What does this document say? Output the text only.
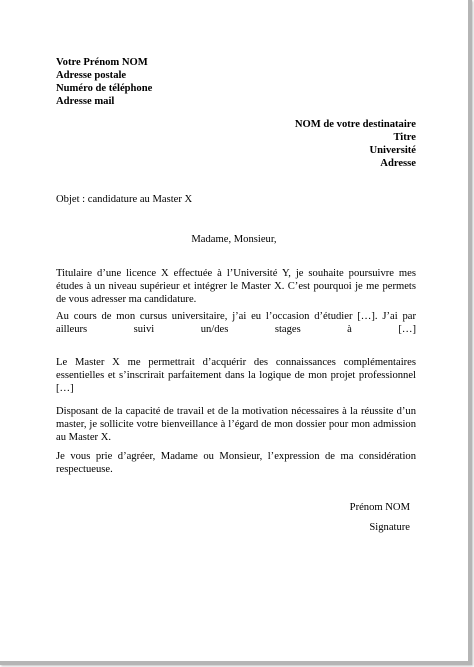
Votre Prénom NOM
Adresse postale
Numéro de téléphone
Adresse mail
NOM de votre destinataire
Titre
Université
Adresse
Objet : candidature au Master X
Madame, Monsieur,
Titulaire d’une licence X effectuée à l’Université Y, je souhaite poursuivre mes études à un niveau supérieur et intégrer le Master X. C’est pourquoi je me permets de vous adresser ma candidature.
Au cours de mon cursus universitaire, j’ai eu l’occasion d’étudier […]. J’ai par ailleurs suivi un/des stages à […]
Le Master X me permettrait d’acquérir des connaissances complémentaires essentielles et s’inscrirait parfaitement dans la logique de mon projet professionnel […]
Disposant de la capacité de travail et de la motivation nécessaires à la réussite d’un master, je sollicite votre bienveillance à l’égard de mon dossier pour mon admission au Master X.
Je vous prie d’agréer, Madame ou Monsieur, l’expression de ma considération respectueuse.
Prénom NOM
Signature
